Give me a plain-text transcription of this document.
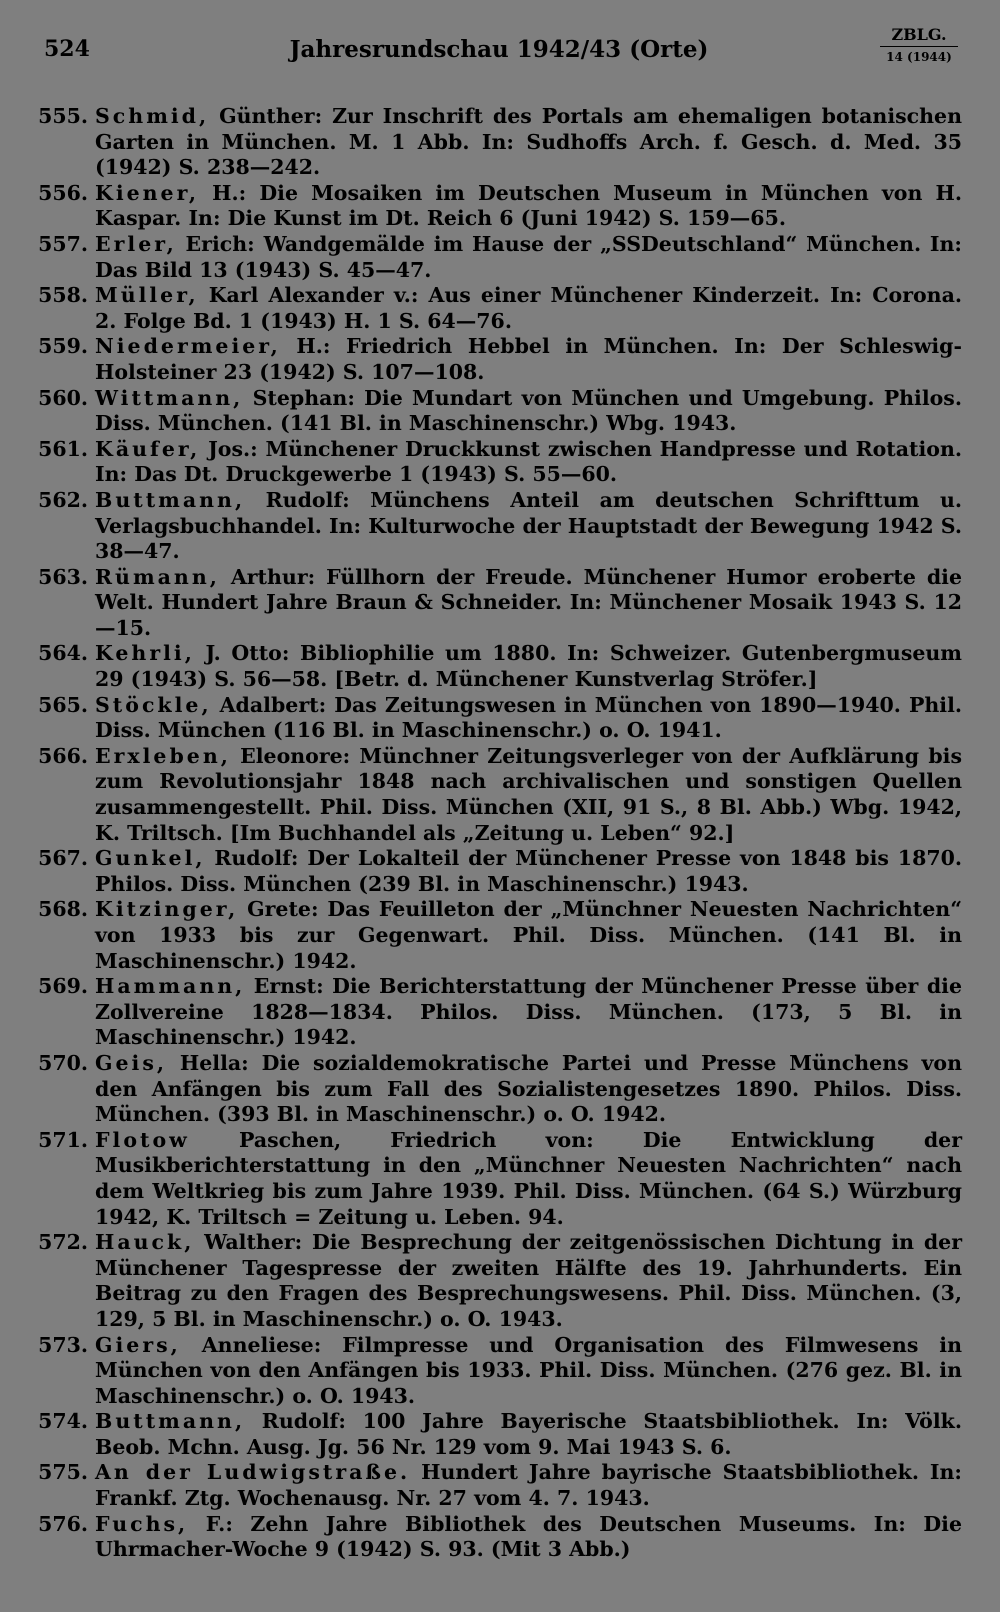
524	Jahresrundschau 1942/43 (Orte)
ZBLG.
14 (1944)
555. Schmid, Günther: Zur Inschrift des Portals am ehemaligen botanischen Garten in München. M. 1 Abb. In: Sudhoffs Arch. f. Gesch. d. Med. 35 (1942) S. 238—242.
556. Kiener, H.: Die Mosaiken im Deutschen Museum in München von H. Kaspar. In: Die Kunst im Dt. Reich 6 (Juni 1942) S. 159—65.
557. Erler, Erich: Wandgemälde im Hause der „SSDeutschland“ München. In: Das Bild 13 (1943) S. 45—47.
558. Müller, Karl Alexander v.: Aus einer Münchener Kinderzeit. In: Corona. 2. Folge Bd. 1 (1943) H. 1 S. 64—76.
559. Niedermeier, H.: Friedrich Hebbel in München. In: Der Schleswig-Holsteiner 23 (1942) S. 107—108.
560. Wittmann, Stephan: Die Mundart von München und Umgebung. Philos. Diss. München. (141 Bl. in Maschinenschr.) Wbg. 1943.
561. Käufer, Jos.: Münchener Druckkunst zwischen Handpresse und Rotation. In: Das Dt. Druckgewerbe 1 (1943) S. 55—60.
562. Buttmann, Rudolf: Münchens Anteil am deutschen Schrifttum u. Verlagsbuchhandel. In: Kulturwoche der Hauptstadt der Bewegung 1942 S. 38—47.
563. Rümann, Arthur: Füllhorn der Freude. Münchener Humor eroberte die Welt. Hundert Jahre Braun & Schneider. In: Münchener Mosaik 1943 S. 12—15.
564. Kehrli, J. Otto: Bibliophilie um 1880. In: Schweizer. Gutenbergmuseum 29 (1943) S. 56—58. [Betr. d. Münchener Kunstverlag Ströfer.]
565. Stöckle, Adalbert: Das Zeitungswesen in München von 1890—1940. Phil. Diss. München (116 Bl. in Maschinenschr.) o. O. 1941.
566. Erxleben, Eleonore: Münchner Zeitungsverleger von der Aufklärung bis zum Revolutionsjahr 1848 nach archivalischen und sonstigen Quellen zusammengestellt. Phil. Diss. München (XII, 91 S., 8 Bl. Abb.) Wbg. 1942, K. Triltsch. [Im Buchhandel als „Zeitung u. Leben“ 92.]
567. Gunkel, Rudolf: Der Lokalteil der Münchener Presse von 1848 bis 1870. Philos. Diss. München (239 Bl. in Maschinenschr.) 1943.
568. Kitzinger, Grete: Das Feuilleton der „Münchner Neuesten Nachrichten“ von 1933 bis zur Gegenwart. Phil. Diss. München. (141 Bl. in Maschinenschr.) 1942.
569. Hammann, Ernst: Die Berichterstattung der Münchener Presse über die Zollvereine 1828—1834. Philos. Diss. München. (173, 5 Bl. in Maschinenschr.) 1942.
570. Geis, Hella: Die sozialdemokratische Partei und Presse Münchens von den Anfängen bis zum Fall des Sozialistengesetzes 1890. Philos. Diss. München. (393 Bl. in Maschinenschr.) o. O. 1942.
571. Flotow Paschen, Friedrich von: Die Entwicklung der Musikberichterstattung in den „Münchner Neuesten Nachrichten“ nach dem Weltkrieg bis zum Jahre 1939. Phil. Diss. München. (64 S.) Würzburg 1942, K. Triltsch = Zeitung u. Leben. 94.
572. Hauck, Walther: Die Besprechung der zeitgenössischen Dichtung in der Münchener Tagespresse der zweiten Hälfte des 19. Jahrhunderts. Ein Beitrag zu den Fragen des Besprechungswesens. Phil. Diss. München. (3, 129, 5 Bl. in Maschinenschr.) o. O. 1943.
573. Giers, Anneliese: Filmpresse und Organisation des Filmwesens in München von den Anfängen bis 1933. Phil. Diss. München. (276 gez. Bl. in Maschinenschr.) o. O. 1943.
574. Buttmann, Rudolf: 100 Jahre Bayerische Staatsbibliothek. In: Völk. Beob. Mchn. Ausg. Jg. 56 Nr. 129 vom 9. Mai 1943 S. 6.
575. An der Ludwigstraße. Hundert Jahre bayrische Staatsbibliothek. In: Frankf. Ztg. Wochenausg. Nr. 27 vom 4. 7. 1943.
576. Fuchs, F.: Zehn Jahre Bibliothek des Deutschen Museums. In: Die Uhrmacher-Woche 9 (1942) S. 93. (Mit 3 Abb.)
